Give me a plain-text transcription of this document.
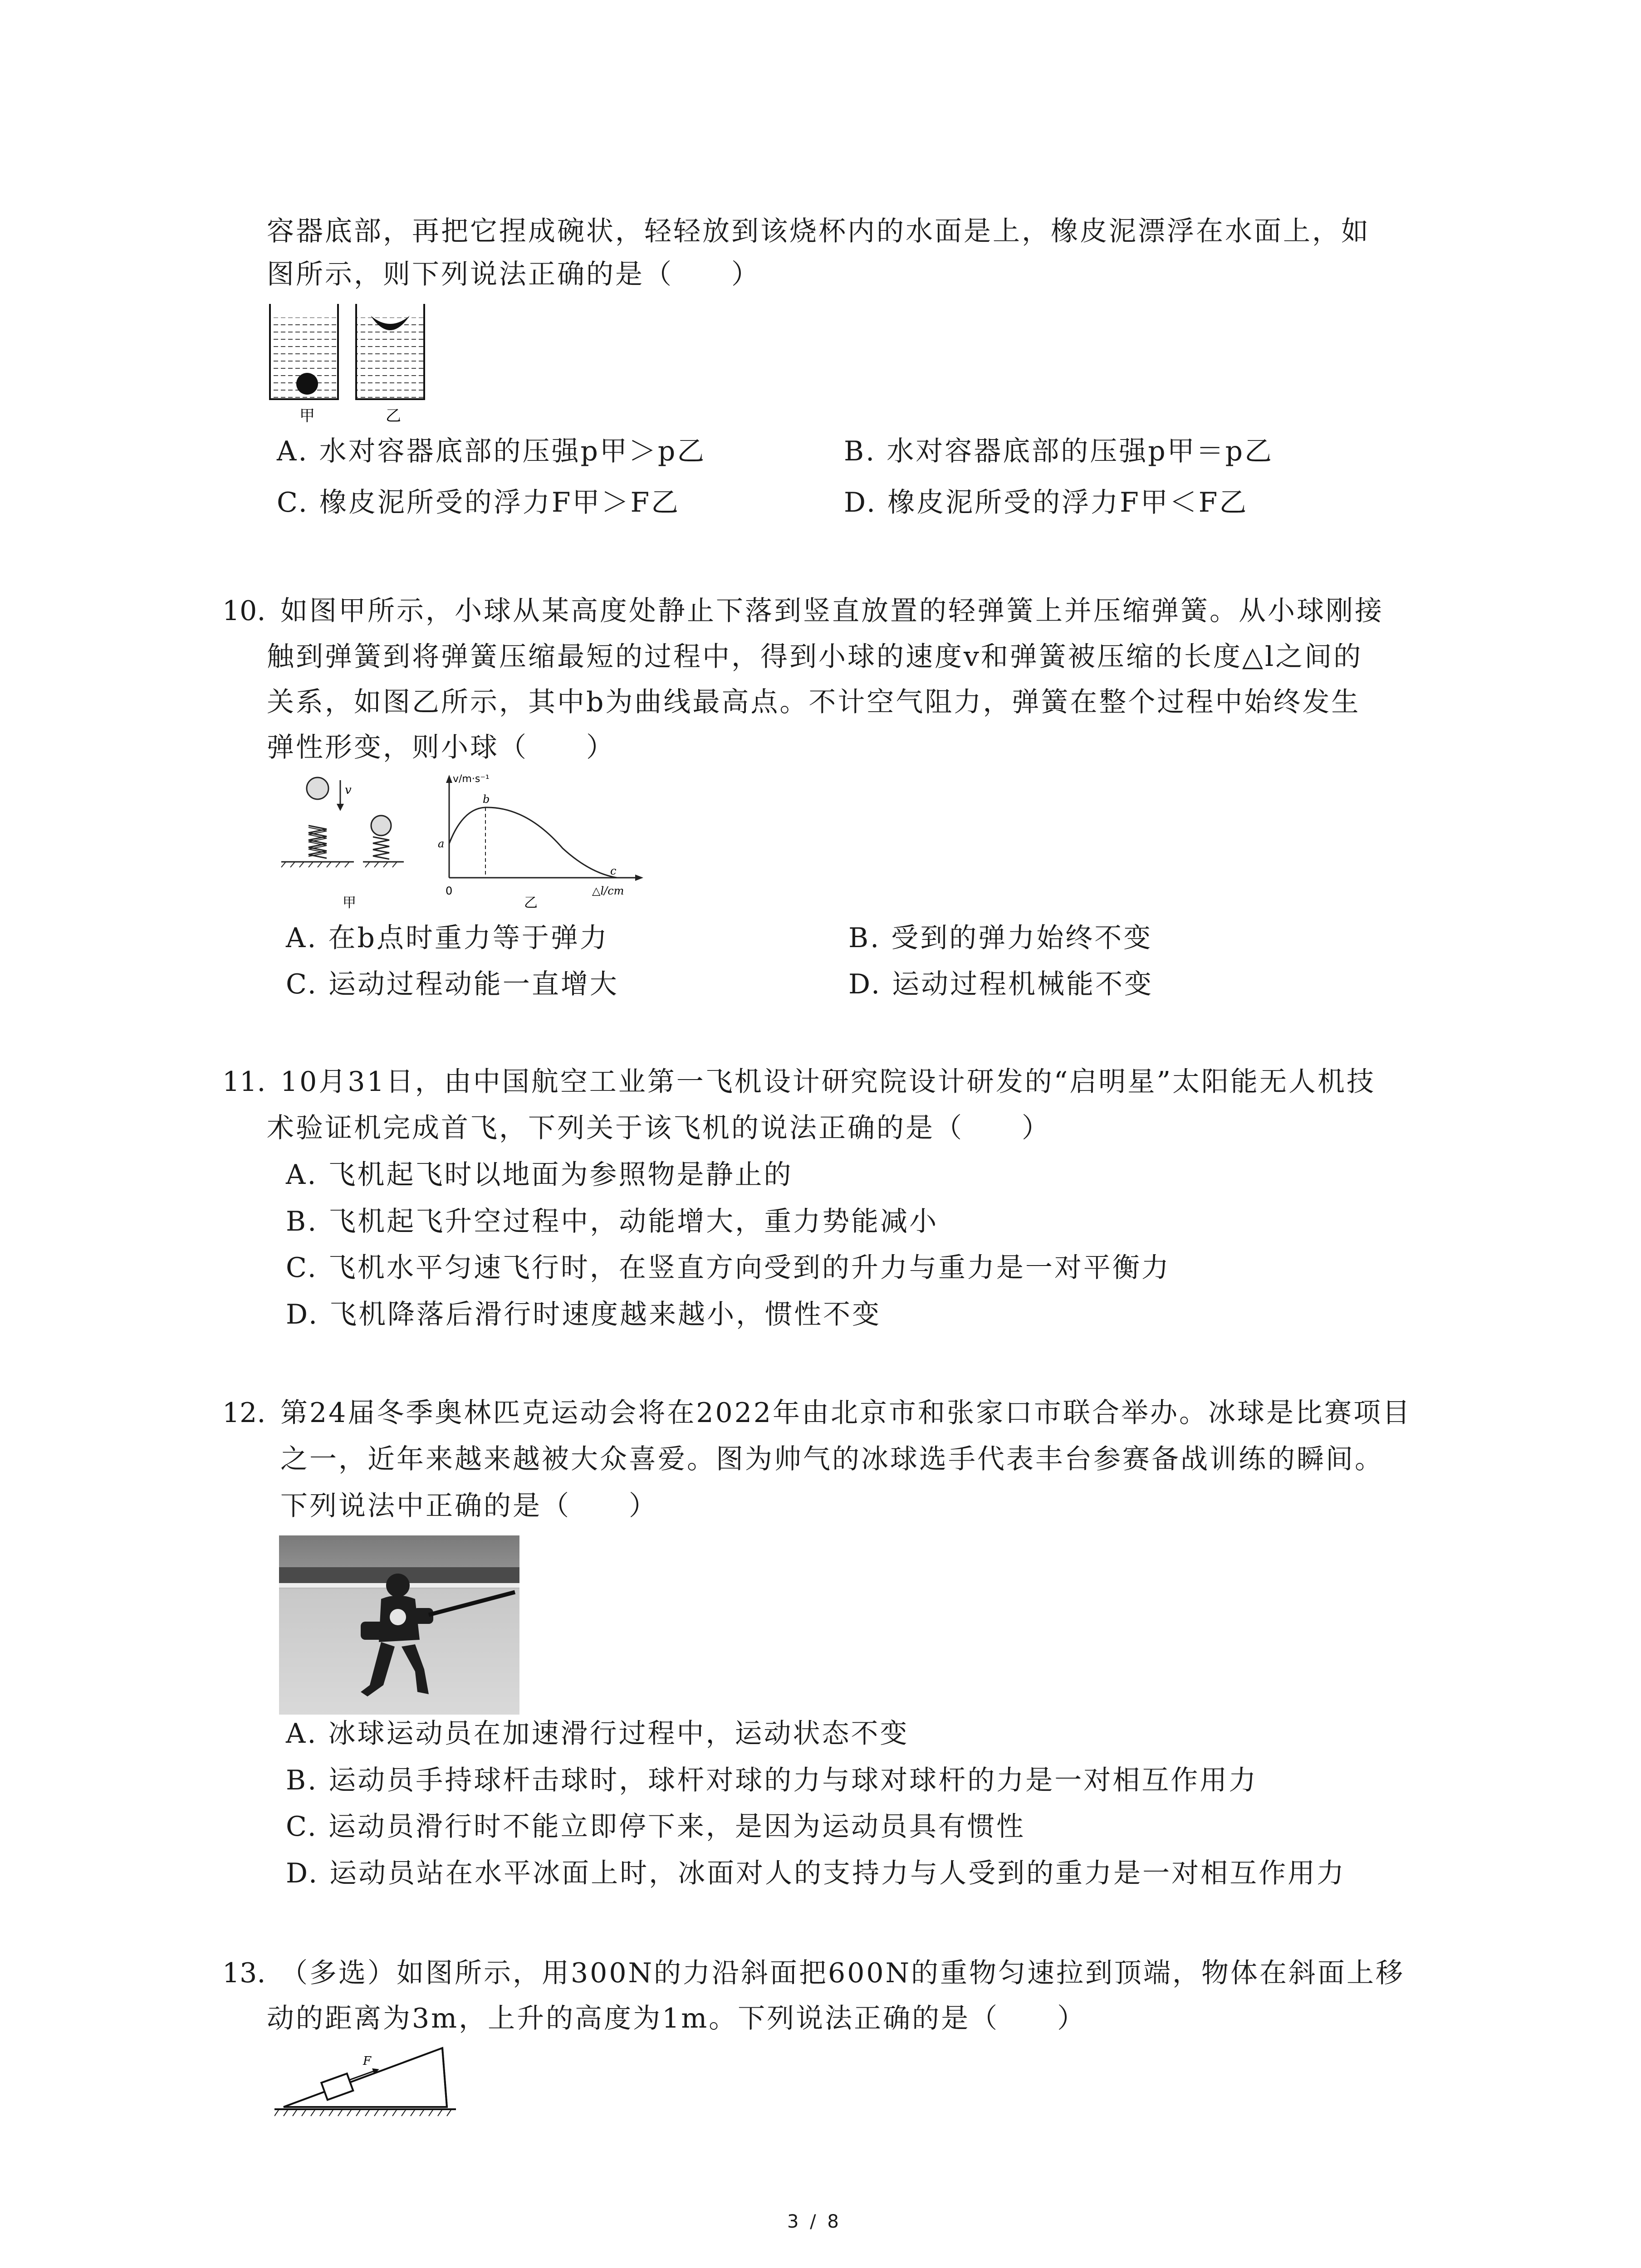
容器底部，再把它捏成碗状，轻轻放到该烧杯内的水面是上，橡皮泥漂浮在水面上，如
图所示，则下列说法正确的是（　　）
甲	乙
A. 水对容器底部的压强p甲＞p乙	B. 水对容器底部的压强p甲＝p乙
C. 橡皮泥所受的浮力F甲＞F乙	D. 橡皮泥所受的浮力F甲＜F乙
10. 如图甲所示，小球从某高度处静止下落到竖直放置的轻弹簧上并压缩弹簧。从小球刚接
触到弹簧到将弹簧压缩最短的过程中，得到小球的速度v和弹簧被压缩的长度△l之间的
关系，如图乙所示，其中b为曲线最高点。不计空气阻力，弹簧在整个过程中始终发生
弹性形变，则小球（　　）
v
甲
v/m·s⁻¹
b
a
c
0	△l/cm
乙
A. 在b点时重力等于弹力	B. 受到的弹力始终不变
C. 运动过程动能一直增大	D. 运动过程机械能不变
11. 10月31日，由中国航空工业第一飞机设计研究院设计研发的“启明星”太阳能无人机技
术验证机完成首飞，下列关于该飞机的说法正确的是（　　）
A. 飞机起飞时以地面为参照物是静止的
B. 飞机起飞升空过程中，动能增大，重力势能减小
C. 飞机水平匀速飞行时，在竖直方向受到的升力与重力是一对平衡力
D. 飞机降落后滑行时速度越来越小，惯性不变
12. 第24届冬季奥林匹克运动会将在2022年由北京市和张家口市联合举办。冰球是比赛项目
之一，近年来越来越被大众喜爱。图为帅气的冰球选手代表丰台参赛备战训练的瞬间。
下列说法中正确的是（　　）
A. 冰球运动员在加速滑行过程中，运动状态不变
B. 运动员手持球杆击球时，球杆对球的力与球对球杆的力是一对相互作用力
C. 运动员滑行时不能立即停下来，是因为运动员具有惯性
D. 运动员站在水平冰面上时，冰面对人的支持力与人受到的重力是一对相互作用力
13. （多选）如图所示，用300N的力沿斜面把600N的重物匀速拉到顶端，物体在斜面上移
动的距离为3m，上升的高度为1m。下列说法正确的是（　　）
F
3 / 8
